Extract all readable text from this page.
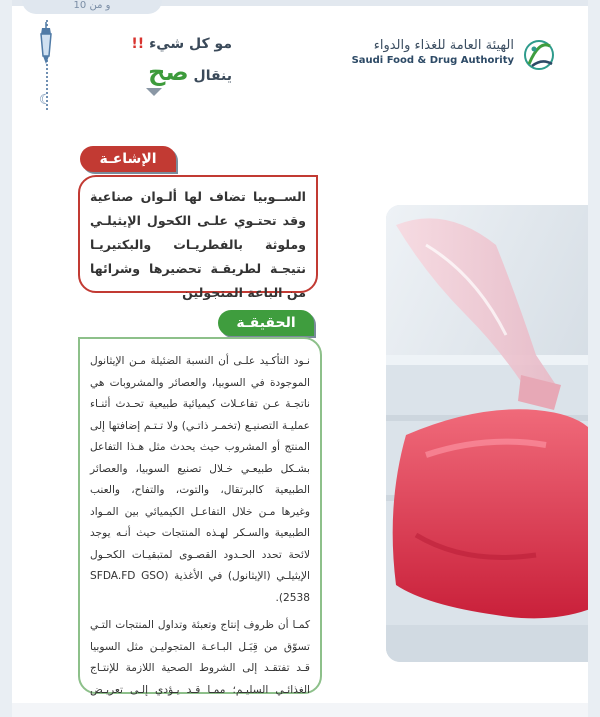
و من 10
☾
مو كل شيء !!
ينقال صح
الهيئة العامة للغذاء والدواء
Saudi Food & Drug Authority
الإشاعـة
الســوبيا تضاف لها ألـوان صناعية وقد تحتـوي علـى الكحول الإيثيلـي وملوثة بالفطريـات والبكتيريـا نتيجـة لطريقـة تحضيرها وشرائها من الباعة المتجولين
الحقيقـة

نـود التأكـيد علـى أن النسبة الضئيلة مـن الإيثانول الموجودة في السوبيا، والعصائر والمشروبات هي ناتجـة عـن تفاعـلات كيميائية طبيعية تحـدث أثنـاء عمليـة التصنيـع (تخمـر ذاتـي) ولا تـتـم إضافتها إلى المنتج أو المشروب حيث يحدث مثل هـذا التفاعل بشـكل طبيعـي خـلال تصنيع السوبيا، والعصائر الطبيعية كالبرتقال، والتوت، والتفاح، والعنب وغيرها مـن خلال التفاعـل الكيميائي بين المـواد الطبيعية والسـكر لهـذه المنتجات حيث أنـه يوجد لائحة تحدد الحـدود القصـوى لمتبقيـات الكحـول الإيثيلـي (الإيثانول) في الأغذية (SFDA.FD GSO 2538).

كمـا أن ظروف إنتاج وتعبئة وتداول المنتجات التـي تسوّق من قِبَـل البـاعـة المتجوليـن مثل السوبيا قـد تفتقـد إلى الشروط الصحية اللازمة للإنتـاج الغذائـي السليـم؛ ممـا قـد يـؤدي إلـى تعريـض
